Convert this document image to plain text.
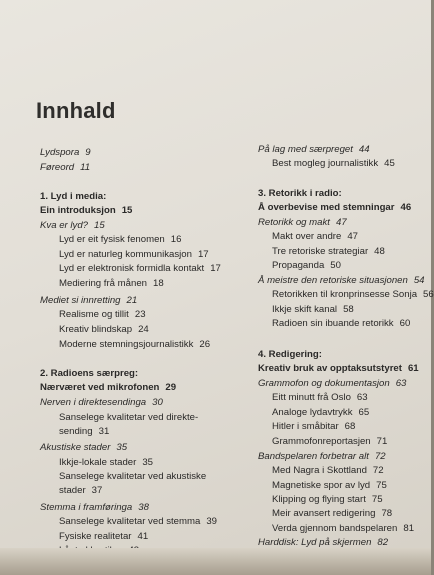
Innhald
Lydspora 9
Føreord 11
1. Lyd i media:
Ein introduksjon 15
Kva er lyd? 15
Lyd er eit fysisk fenomen 16
Lyd er naturleg kommunikasjon 17
Lyd er elektronisk formidla kontakt 17
Mediering frå månen 18
Mediet si innretting 21
Realisme og tillit 23
Kreativ blindskap 24
Moderne stemningsjournalistikk 26
2. Radioens særpreg:
Nærværet ved mikrofonen 29
Nerven i direktesendinga 30
Sanselege kvalitetar ved direkte-
sending 31
Akustiske stader 35
Ikkje-lokale stader 35
Sanselege kvalitetar ved akustiske
stader 37
Stemma i framføringa 38
Sanselege kvalitetar ved stemma 39
Fysiske realitetar 41
På lag med særpreget 44
Best mogleg journalistikk 45
3. Retorikk i radio:
Å overbevise med stemningar 46
Retorikk og makt 47
Makt over andre 47
Tre retoriske strategiar 48
Propaganda 50
Å meistre den retoriske situasjonen 54
Retorikken til kronprinsesse Sonja 56
Ikkje skift kanal 58
Radioen sin ibuande retorikk 60
4. Redigering:
Kreativ bruk av opptaksutstyret 61
Grammofon og dokumentasjon 63
Eitt minutt frå Oslo 63
Analoge lydavtrykk 65
Hitler i småbitar 68
Grammofonreportasjen 71
Bandspelaren forbetrar alt 72
Med Nagra i Skottland 72
Magnetiske spor av lyd 75
Klipping og flying start 75
Meir avansert redigering 78
Verda gjennom bandspelaren 81
Harddisk: Lyd på skjermen 82
